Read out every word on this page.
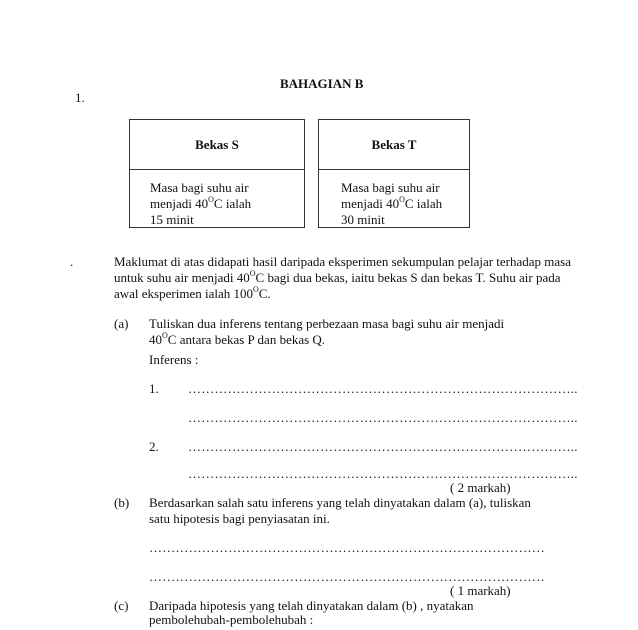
BAHAGIAN B
1.
Bekas S
Masa bagi suhu air
menjadi $40^OC$ ialah
15 minit
Bekas T
Masa bagi suhu air
menjadi $40^OC$ ialah
30 minit
.	Maklumat di atas didapati hasil daripada eksperimen sekumpulan pelajar terhadap masa
untuk suhu air menjadi $40^OC$ bagi dua bekas, iaitu bekas S dan bekas T. Suhu air pada
awal eksperimen ialah $100^OC$.
(a) Tuliskan dua inferens tentang perbezaan masa bagi suhu air menjadi
$40^OC$ antara bekas P dan bekas Q.
Inferens :
1. ……………………………………………………………………………..
……………………………………………………………………………..
2. ……………………………………………………………………………..
……………………………………………………………………………..
( 2 markah)
(b) Berdasarkan salah satu inferens yang telah dinyatakan dalam (a), tuliskan
satu hipotesis bagi penyiasatan ini.
………………………………………………………………………………
………………………………………………………………………………
( 1 markah)
(c) Daripada hipotesis yang telah dinyatakan dalam (b) , nyatakan
pembolehubah-pembolehubah :
